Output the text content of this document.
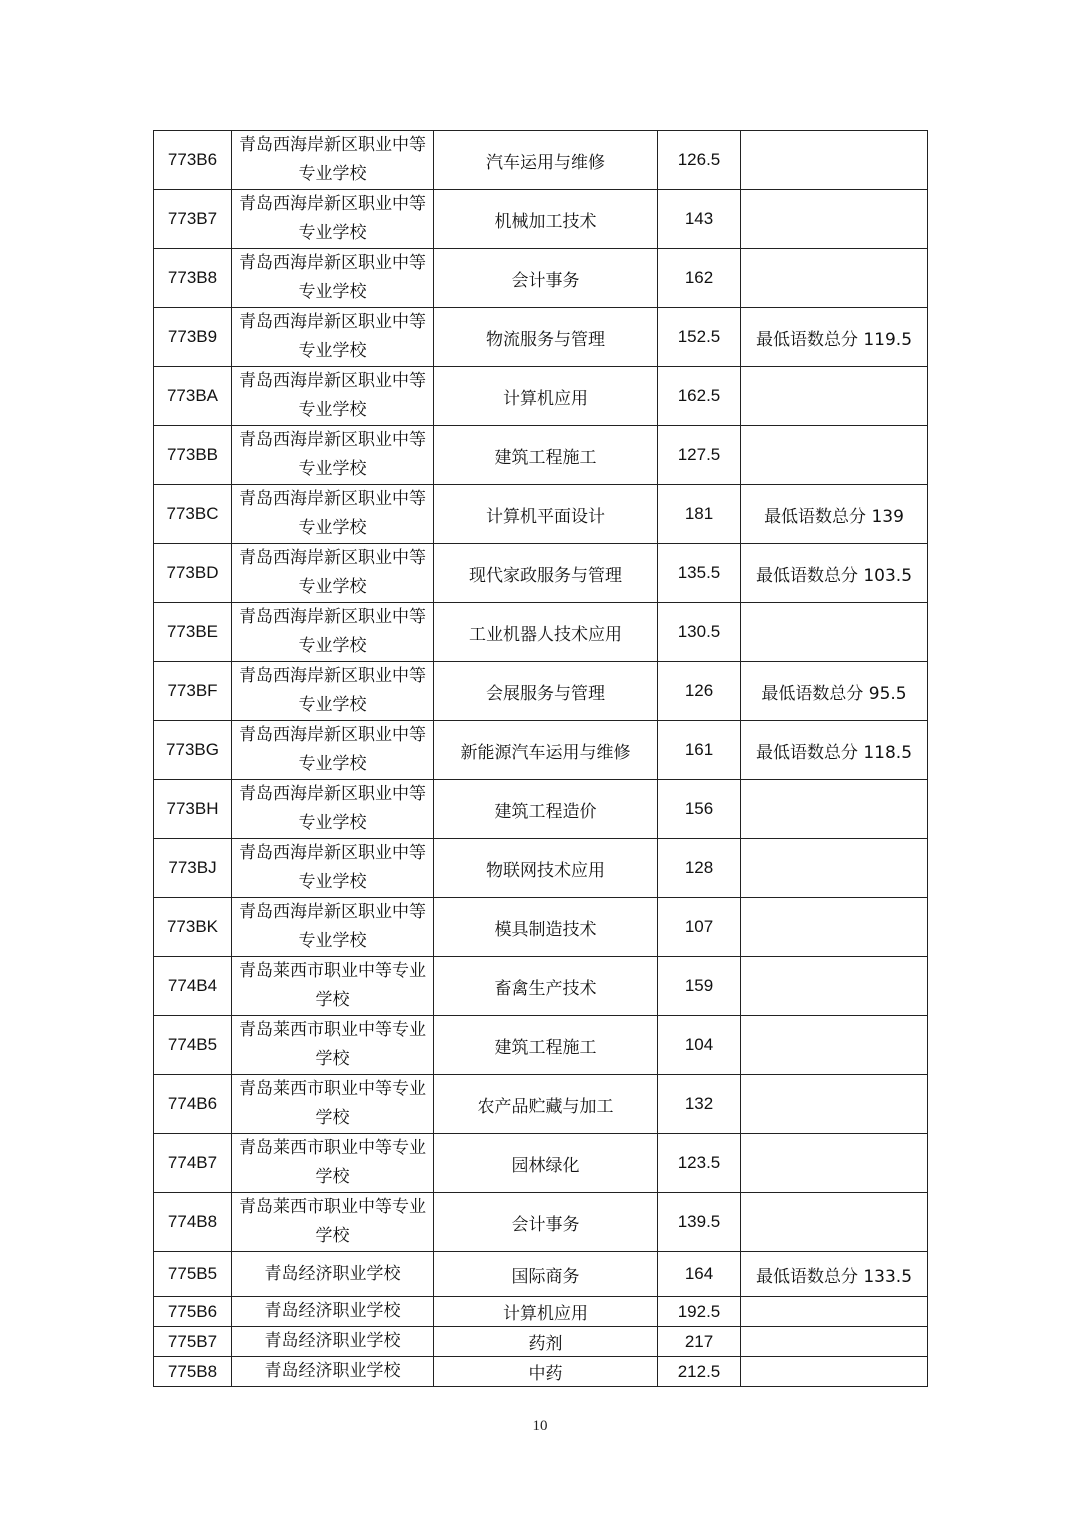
773B6	青岛西海岸新区职业中等专业学校	汽车运用与维修	126.5	
773B7	青岛西海岸新区职业中等专业学校	机械加工技术	143	
773B8	青岛西海岸新区职业中等专业学校	会计事务	162	
773B9	青岛西海岸新区职业中等专业学校	物流服务与管理	152.5	最低语数总分 119.5
773BA	青岛西海岸新区职业中等专业学校	计算机应用	162.5	
773BB	青岛西海岸新区职业中等专业学校	建筑工程施工	127.5	
773BC	青岛西海岸新区职业中等专业学校	计算机平面设计	181	最低语数总分 139
773BD	青岛西海岸新区职业中等专业学校	现代家政服务与管理	135.5	最低语数总分 103.5
773BE	青岛西海岸新区职业中等专业学校	工业机器人技术应用	130.5	
773BF	青岛西海岸新区职业中等专业学校	会展服务与管理	126	最低语数总分 95.5
773BG	青岛西海岸新区职业中等专业学校	新能源汽车运用与维修	161	最低语数总分 118.5
773BH	青岛西海岸新区职业中等专业学校	建筑工程造价	156	
773BJ	青岛西海岸新区职业中等专业学校	物联网技术应用	128	
773BK	青岛西海岸新区职业中等专业学校	模具制造技术	107	
774B4	青岛莱西市职业中等专业学校	畜禽生产技术	159	
774B5	青岛莱西市职业中等专业学校	建筑工程施工	104	
774B6	青岛莱西市职业中等专业学校	农产品贮藏与加工	132	
774B7	青岛莱西市职业中等专业学校	园林绿化	123.5	
774B8	青岛莱西市职业中等专业学校	会计事务	139.5	
775B5	青岛经济职业学校	国际商务	164	最低语数总分 133.5
775B6	青岛经济职业学校	计算机应用	192.5	
775B7	青岛经济职业学校	药剂	217	
775B8	青岛经济职业学校	中药	212.5	
10
